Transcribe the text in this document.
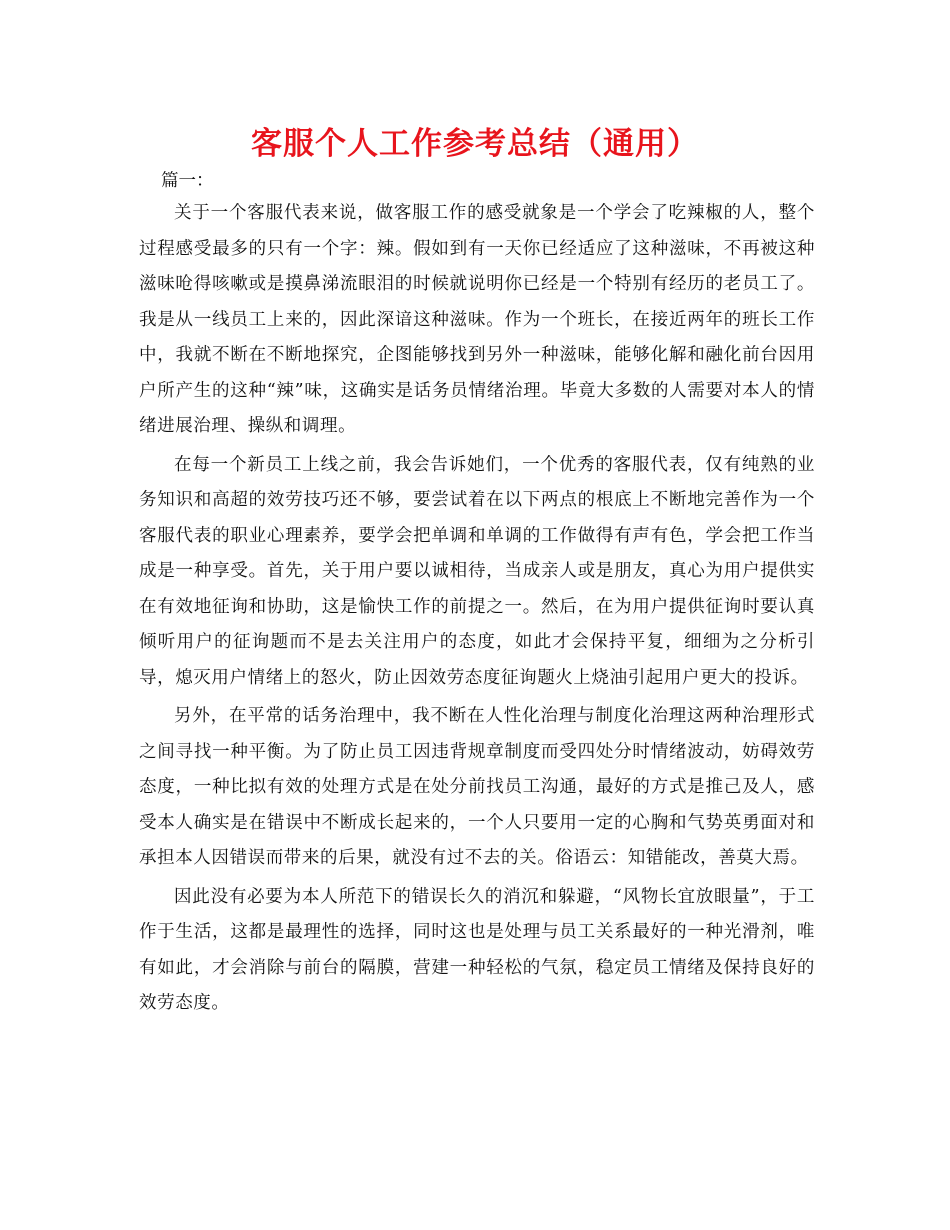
客服个人工作参考总结（通用）

篇一：

关于一个客服代表来说，做客服工作的感受就象是一个学会了吃辣椒的人，整个过程感受最多的只有一个字：辣。假如到有一天你已经适应了这种滋味，不再被这种滋味呛得咳嗽或是摸鼻涕流眼泪的时候就说明你已经是一个特别有经历的老员工了。我是从一线员工上来的，因此深谙这种滋味。作为一个班长，在接近两年的班长工作中，我就不断在不断地探究，企图能够找到另外一种滋味，能够化解和融化前台因用户所产生的这种“辣”味，这确实是话务员情绪治理。毕竟大多数的人需要对本人的情绪进展治理、操纵和调理。

在每一个新员工上线之前，我会告诉她们，一个优秀的客服代表，仅有纯熟的业务知识和高超的效劳技巧还不够，要尝试着在以下两点的根底上不断地完善作为一个客服代表的职业心理素养，要学会把单调和单调的工作做得有声有色，学会把工作当成是一种享受。首先，关于用户要以诚相待，当成亲人或是朋友，真心为用户提供实在有效地征询和协助，这是愉快工作的前提之一。然后，在为用户提供征询时要认真倾听用户的征询题而不是去关注用户的态度，如此才会保持平复，细细为之分析引导，熄灭用户情绪上的怒火，防止因效劳态度征询题火上烧油引起用户更大的投诉。

另外，在平常的话务治理中，我不断在人性化治理与制度化治理这两种治理形式之间寻找一种平衡。为了防止员工因违背规章制度而受四处分时情绪波动，妨碍效劳态度，一种比拟有效的处理方式是在处分前找员工沟通，最好的方式是推己及人，感受本人确实是在错误中不断成长起来的，一个人只要用一定的心胸和气势英勇面对和承担本人因错误而带来的后果，就没有过不去的关。俗语云：知错能改，善莫大焉。

因此没有必要为本人所范下的错误长久的消沉和躲避，“风物长宜放眼量”，于工作于生活，这都是最理性的选择，同时这也是处理与员工关系最好的一种光滑剂，唯有如此，才会消除与前台的隔膜，营建一种轻松的气氛，稳定员工情绪及保持良好的效劳态度。
